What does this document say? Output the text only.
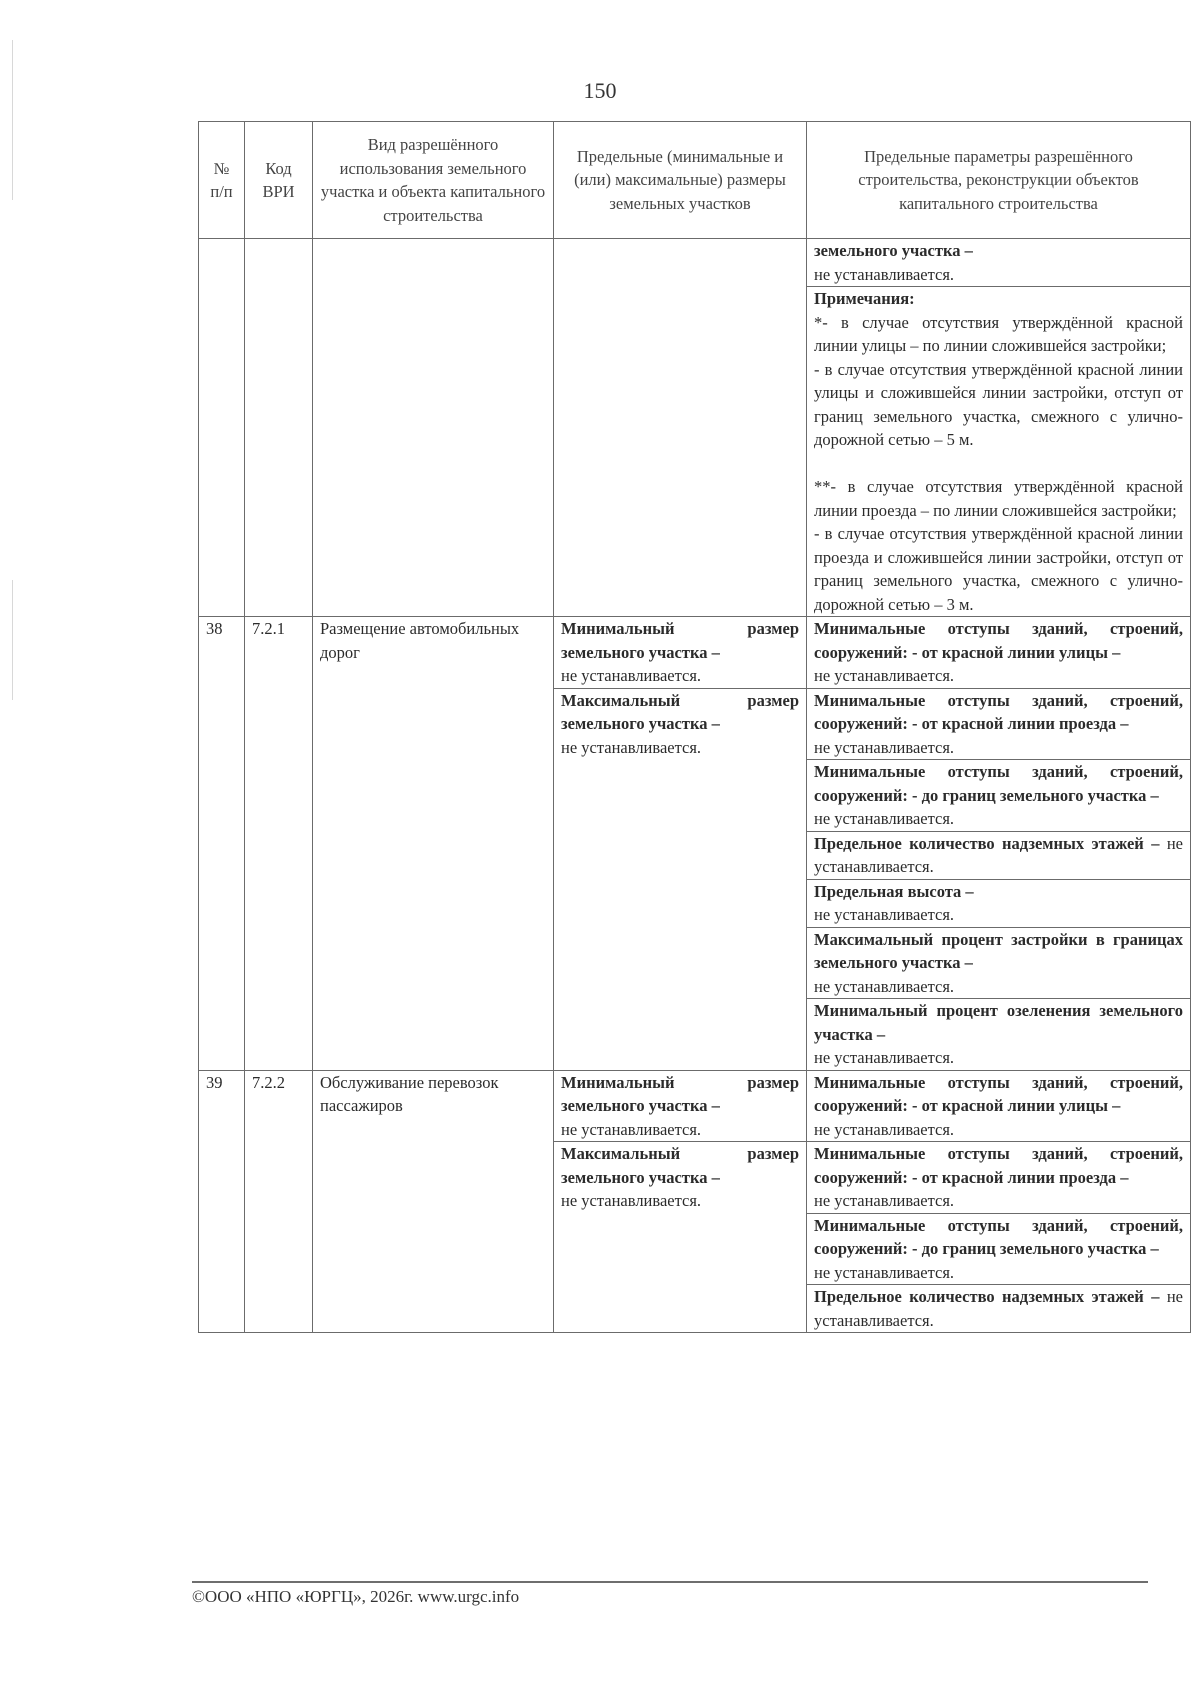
150
№ п/п	Код ВРИ	Вид разрешённого использования земельного участка и объекта капитального строительства	Предельные (минимальные и (или) максимальные) размеры земельных участков	Предельные параметры разрешённого строительства, реконструкции объектов капитального строительства

				земельного участка –
не устанавливается.

				Примечания:
*- в случае отсутствия утверждённой красной линии улицы – по линии сложившейся застройки;
- в случае отсутствия утверждённой красной линии улицы и сложившейся линии застройки, отступ от границ земельного участка, смежного с улично-дорожной сетью – 5 м.
**- в случае отсутствия утверждённой красной линии проезда – по линии сложившейся застройки;
- в случае отсутствия утверждённой красной линии проезда и сложившейся линии застройки, отступ от границ земельного участка, смежного с улично-дорожной сетью – 3 м.

38	7.2.1	Размещение автомобильных дорог	Минимальный размер земельного участка –
не устанавливается.	Минимальные отступы зданий, строений, сооружений: - от красной линии улицы –
не устанавливается.

			Максимальный размер земельного участка –
не устанавливается.	Минимальные отступы зданий, строений, сооружений: - от красной линии проезда –
не устанавливается.

				Минимальные отступы зданий, строений, сооружений: - до границ земельного участка –
не устанавливается.

				Предельное количество надземных этажей – не устанавливается.

				Предельная высота –
не устанавливается.

				Максимальный процент застройки в границах земельного участка –
не устанавливается.

				Минимальный процент озеленения земельного участка –
не устанавливается.

39	7.2.2	Обслуживание перевозок пассажиров	Минимальный размер земельного участка –
не устанавливается.	Минимальные отступы зданий, строений, сооружений: - от красной линии улицы –
не устанавливается.

			Максимальный размер земельного участка –
не устанавливается.	Минимальные отступы зданий, строений, сооружений: - от красной линии проезда –
не устанавливается.

				Минимальные отступы зданий, строений, сооружений: - до границ земельного участка –
не устанавливается.

				Предельное количество надземных этажей – не устанавливается.
©ООО «НПО «ЮРГЦ», 2026г. www.urgc.info
